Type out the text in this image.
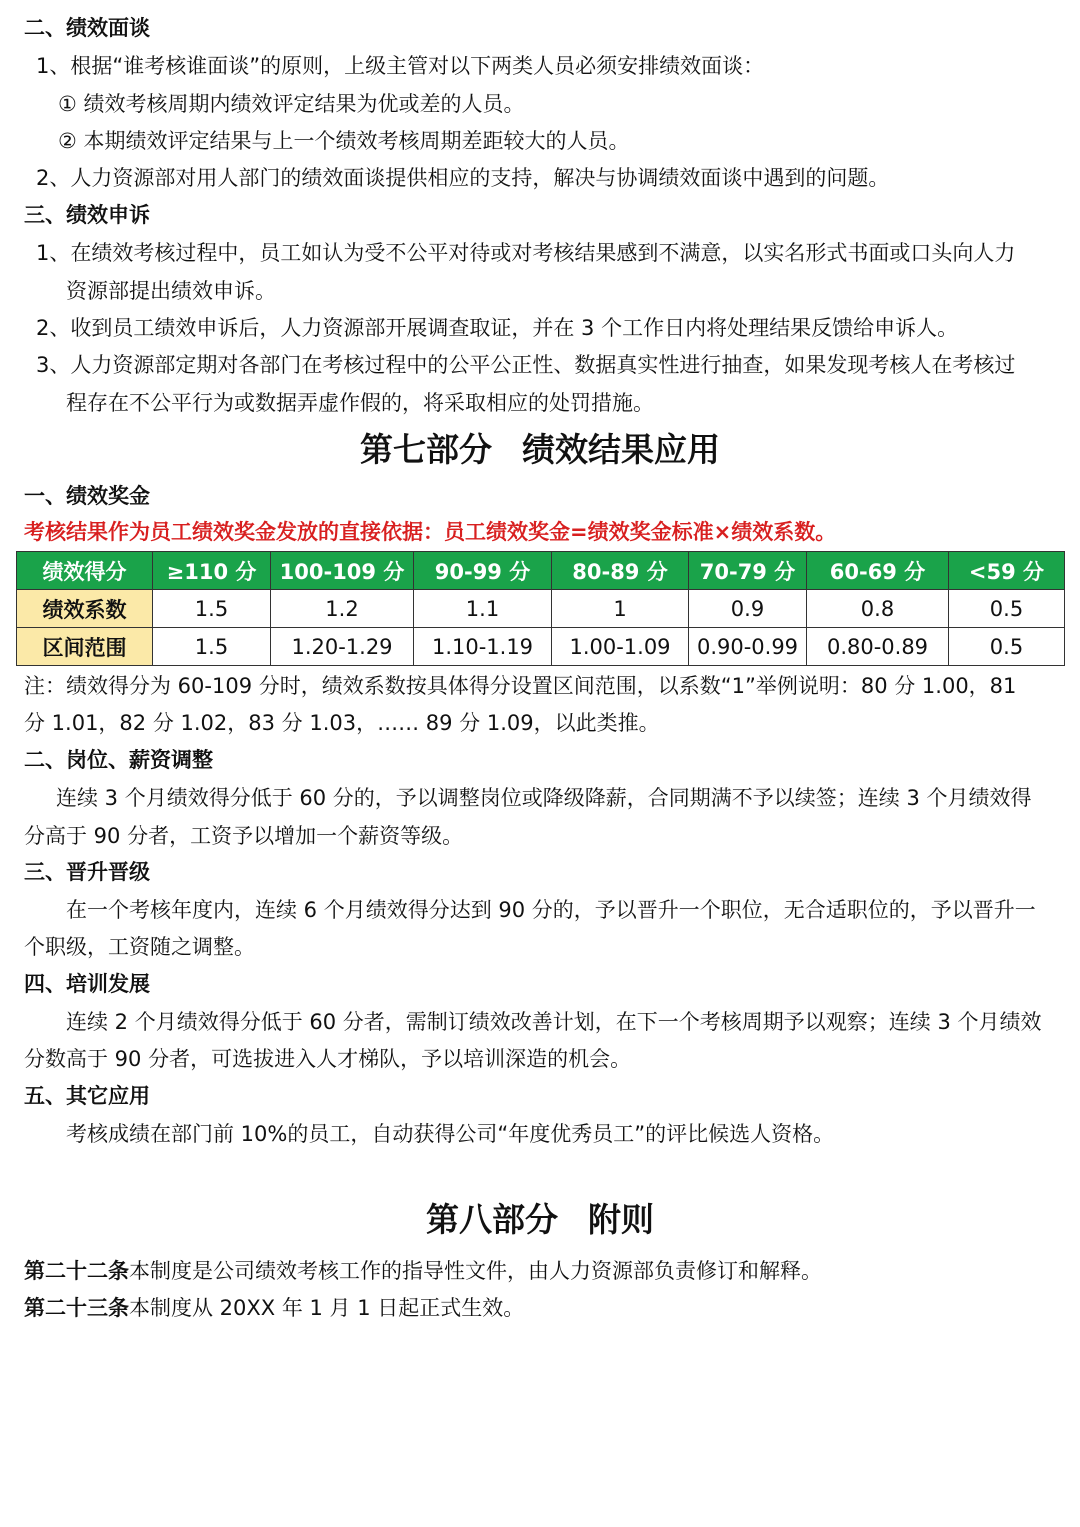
二、绩效面谈
1、根据“谁考核谁面谈”的原则，上级主管对以下两类人员必须安排绩效面谈：
① 绩效考核周期内绩效评定结果为优或差的人员。
② 本期绩效评定结果与上一个绩效考核周期差距较大的人员。
2、人力资源部对用人部门的绩效面谈提供相应的支持，解决与协调绩效面谈中遇到的问题。
三、绩效申诉
1、在绩效考核过程中，员工如认为受不公平对待或对考核结果感到不满意，以实名形式书面或口头向人力
资源部提出绩效申诉。
2、收到员工绩效申诉后，人力资源部开展调查取证，并在 3 个工作日内将处理结果反馈给申诉人。
3、人力资源部定期对各部门在考核过程中的公平公正性、数据真实性进行抽查，如果发现考核人在考核过
程存在不公平行为或数据弄虚作假的，将采取相应的处罚措施。
第七部分 绩效结果应用
一、绩效奖金
考核结果作为员工绩效奖金发放的直接依据：员工绩效奖金=绩效奖金标准×绩效系数。
绩效得分	≥110 分	100-109 分	90-99 分	80-89 分	70-79 分	60-69 分	<59 分
绩效系数	1.5	1.2	1.1	1	0.9	0.8	0.5
区间范围	1.5	1.20-1.29	1.10-1.19	1.00-1.09	0.90-0.99	0.80-0.89	0.5
注：绩效得分为 60-109 分时，绩效系数按具体得分设置区间范围，以系数“1”举例说明：80 分 1.00，81
分 1.01，82 分 1.02，83 分 1.03，…… 89 分 1.09，以此类推。
二、岗位、薪资调整
连续 3 个月绩效得分低于 60 分的，予以调整岗位或降级降薪，合同期满不予以续签；连续 3 个月绩效得
分高于 90 分者，工资予以增加一个薪资等级。
三、晋升晋级
在一个考核年度内，连续 6 个月绩效得分达到 90 分的，予以晋升一个职位，无合适职位的，予以晋升一
个职级，工资随之调整。
四、培训发展
连续 2 个月绩效得分低于 60 分者，需制订绩效改善计划，在下一个考核周期予以观察；连续 3 个月绩效
分数高于 90 分者，可选拔进入人才梯队，予以培训深造的机会。
五、其它应用
考核成绩在部门前 10%的员工，自动获得公司“年度优秀员工”的评比候选人资格。
第八部分 附则
第二十二条本制度是公司绩效考核工作的指导性文件，由人力资源部负责修订和解释。
第二十三条本制度从 20XX 年 1 月 1 日起正式生效。
